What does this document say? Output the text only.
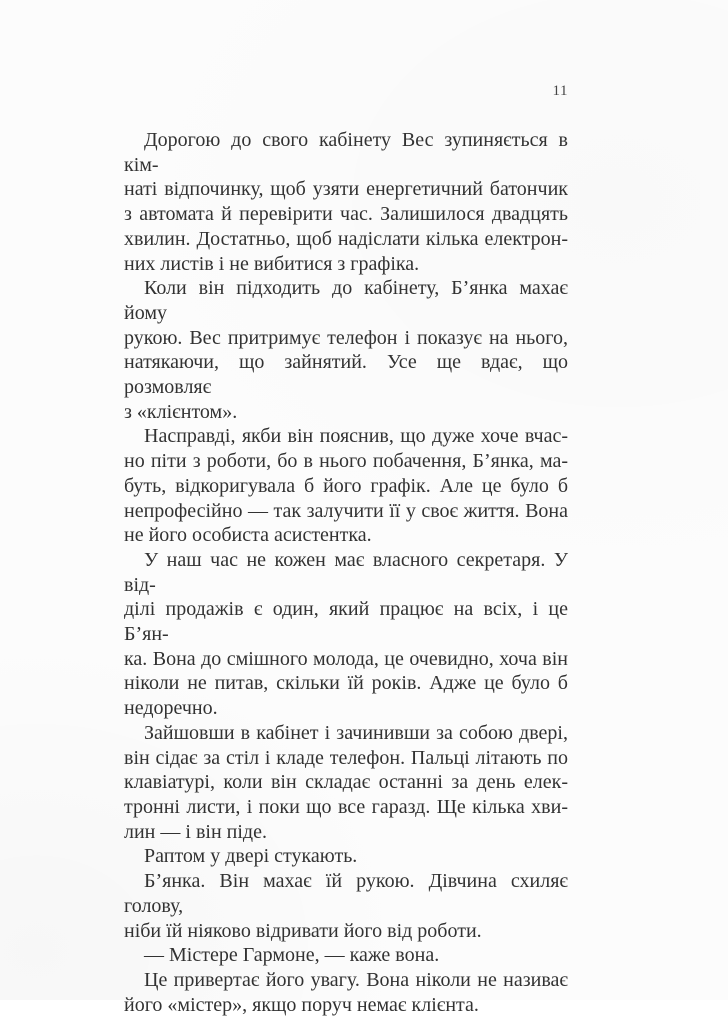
11
Дорогою до свого кабінету Вес зупиняється в кім-
наті відпочинку, щоб узяти енергетичний батончик
з автомата й перевірити час. Залишилося двадцять
хвилин. Достатньо, щоб надіслати кілька електрон-
них листів і не вибитися з графіка.
Коли він підходить до кабінету, Б’янка махає йому
рукою. Вес притримує телефон і показує на нього,
натякаючи, що зайнятий. Усе ще вдає, що розмовляє
з «клієнтом».
Насправді, якби він пояснив, що дуже хоче вчас-
но піти з роботи, бо в нього побачення, Б’янка, ма-
буть, відкоригувала б його графік. Але це було б
непрофесійно — так залучити її у своє життя. Вона
не його особиста асистентка.
У наш час не кожен має власного секретаря. У від-
ділі продажів є один, який працює на всіх, і це Б’ян-
ка. Вона до смішного молода, це очевидно, хоча він
ніколи не питав, скільки їй років. Адже це було б
недоречно.
Зайшовши в кабінет і зачинивши за собою двері,
він сідає за стіл і кладе телефон. Пальці літають по
клавіатурі, коли він складає останні за день елек-
тронні листи, і поки що все гаразд. Ще кілька хви-
лин — і він піде.
Раптом у двері стукають.
Б’янка. Він махає їй рукою. Дівчина схиляє голову,
ніби їй ніяково відривати його від роботи.
— Містере Гармоне, — каже вона.
Це привертає його увагу. Вона ніколи не називає
його «містер», якщо поруч немає клієнта.
